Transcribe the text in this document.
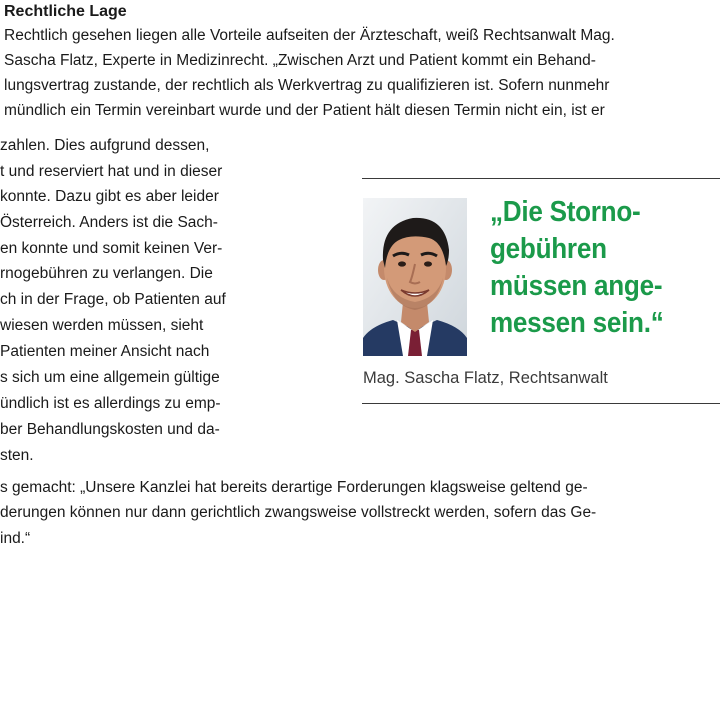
Rechtliche Lage

Rechtlich gesehen liegen alle Vorteile aufseiten der Ärzteschaft, weiß Rechtsanwalt Mag.

Sascha Flatz, Experte in Medizinrecht. „Zwischen Arzt und Patient kommt ein Behand-

lungsvertrag zustande, der rechtlich als Werkvertrag zu qualifizieren ist. Sofern nunmehr

mündlich ein Termin vereinbart wurde und der Patient hält diesen Termin nicht ein, ist er

zahlen. Dies aufgrund dessen,

t und reserviert hat und in dieser

konnte. Dazu gibt es aber leider

Österreich. Anders ist die Sach-

en konnte und somit keinen Ver-

rnogebühren zu verlangen. Die

ch in der Frage, ob Patienten auf

wiesen werden müssen, sieht

Patienten meiner Ansicht nach

s sich um eine allgemein gültige

ündlich ist es allerdings zu emp-

ber Behandlungskosten und da-

sten.

s gemacht: „Unsere Kanzlei hat bereits derartige Forderungen klagsweise geltend ge-

derungen können nur dann gerichtlich zwangsweise vollstreckt werden, sofern das Ge-

ind.“

„Die Storno-
gebühren
müssen ange-
messen sein.“
Mag. Sascha Flatz, Rechtsanwalt
